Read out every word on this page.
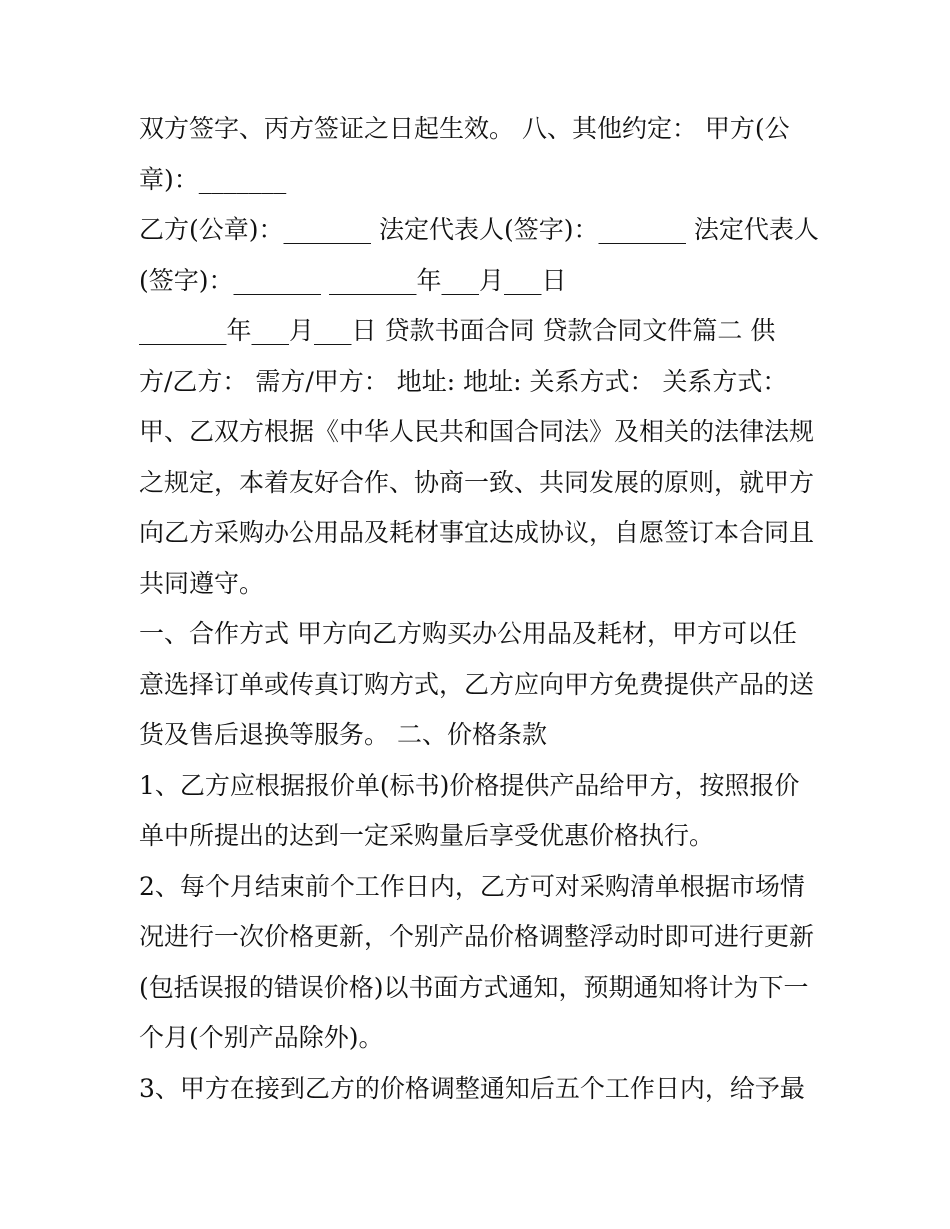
双方签字、丙方签证之日起生效。 八、其他约定： 甲方(公

章)：_______

乙方(公章)：_______ 法定代表人(签字)：_______ 法定代表人

(签字)：_______ _______年___月___日

_______年___月___日 贷款书面合同 贷款合同文件篇二 供

方/乙方： 需方/甲方： 地址: 地址: 关系方式： 关系方式：

甲、乙双方根据《中华人民共和国合同法》及相关的法律法规

之规定，本着友好合作、协商一致、共同发展的原则，就甲方

向乙方采购办公用品及耗材事宜达成协议，自愿签订本合同且

共同遵守。

一、合作方式 甲方向乙方购买办公用品及耗材，甲方可以任

意选择订单或传真订购方式，乙方应向甲方免费提供产品的送

货及售后退换等服务。 二、价格条款

1、乙方应根据报价单(标书)价格提供产品给甲方，按照报价

单中所提出的达到一定采购量后享受优惠价格执行。

2、每个月结束前个工作日内，乙方可对采购清单根据市场情

况进行一次价格更新，个别产品价格调整浮动时即可进行更新

(包括误报的错误价格)以书面方式通知，预期通知将计为下一

个月(个别产品除外)。

3、甲方在接到乙方的价格调整通知后五个工作日内，给予最
